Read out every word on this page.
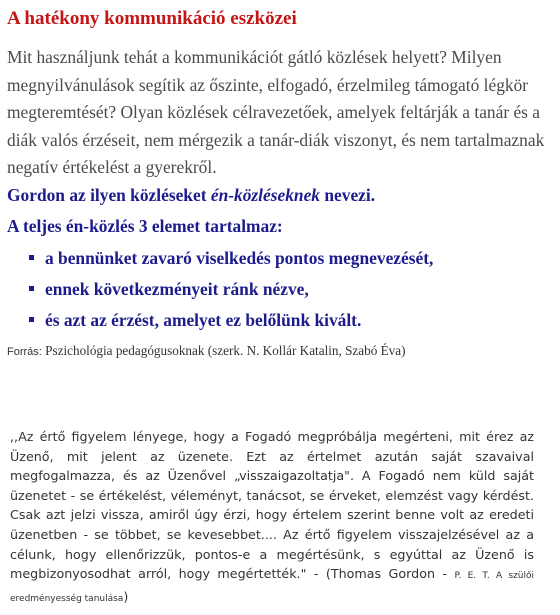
A hatékony kommunikáció eszközei
Mit használjunk tehát a kommunikációt gátló közlések helyett? Milyen megnyilvánulások segítik az őszinte, elfogadó, érzelmileg támogató légkör megteremtését? Olyan közlések célravezetőek, amelyek feltárják a tanár és a diák valós érzéseit, nem mérgezik a tanár-diák viszonyt, és nem tartalmaznak negatív értékelést a gyerekről.
Gordon az ilyen közléseket én-közléseknek nevezi.
A teljes én-közlés 3 elemet tartalmaz:
a bennünket zavaró viselkedés pontos megnevezését,
ennek következményeit ránk nézve,
és azt az érzést, amelyet ez belőlünk kivált.
Forrás: Pszichológia pedagógusoknak (szerk. N. Kollár Katalin, Szabó Éva)
,,Az értő figyelem lényege, hogy a Fogadó megpróbálja megérteni, mit érez az Üzenő, mit jelent az üzenete. Ezt az értelmet azután saját szavaival megfogalmazza, és az Üzenővel „visszaigazoltatja". A Fogadó nem küld saját üzenetet - se értékelést, véleményt, tanácsot, se érveket, elemzést vagy kérdést. Csak azt jelzi vissza, amiről úgy érzi, hogy értelem szerint benne volt az eredeti üzenetben - se többet, se kevesebbet.... Az értő figyelem visszajelzésével az a célunk, hogy ellenőrizzük, pontos-e a megértésünk, s egyúttal az Üzenő is megbizonyosodhat arról, hogy megértették." - (Thomas Gordon - P. E. T. A szülői eredményesség tanulása)
